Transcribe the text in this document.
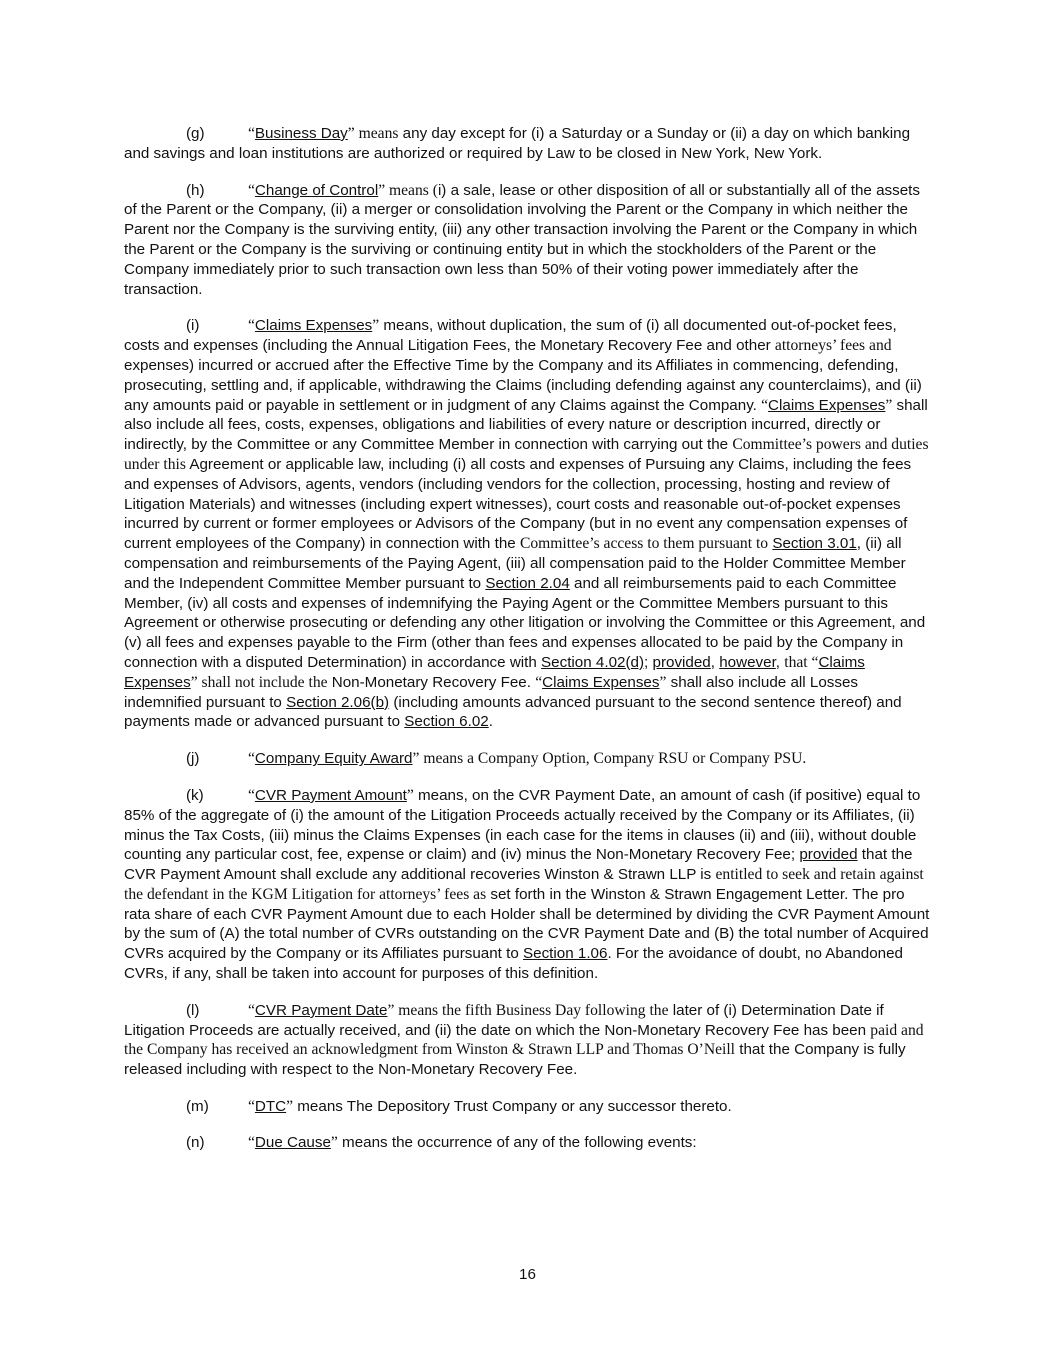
(g)	“Business Day” means any day except for (i) a Saturday or a Sunday or (ii) a day on which banking and savings and loan institutions are authorized or required by Law to be closed in New York, New York.

(h)	“Change of Control” means (i) a sale, lease or other disposition of all or substantially all of the assets of the Parent or the Company, (ii) a merger or consolidation involving the Parent or the Company in which neither the Parent nor the Company is the surviving entity, (iii) any other transaction involving the Parent or the Company in which the Parent or the Company is the surviving or continuing entity but in which the stockholders of the Parent or the Company immediately prior to such transaction own less than 50% of their voting power immediately after the transaction.

(i)	“Claims Expenses” means, without duplication, the sum of (i) all documented out-of-pocket fees, costs and expenses (including the Annual Litigation Fees, the Monetary Recovery Fee and other attorneys’ fees and expenses) incurred or accrued after the Effective Time by the Company and its Affiliates in commencing, defending, prosecuting, settling and, if applicable, withdrawing the Claims (including defending against any counterclaims), and (ii) any amounts paid or payable in settlement or in judgment of any Claims against the Company. “Claims Expenses” shall also include all fees, costs, expenses, obligations and liabilities of every nature or description incurred, directly or indirectly, by the Committee or any Committee Member in connection with carrying out the Committee’s powers and duties under this Agreement or applicable law, including (i) all costs and expenses of Pursuing any Claims, including the fees and expenses of Advisors, agents, vendors (including vendors for the collection, processing, hosting and review of Litigation Materials) and witnesses (including expert witnesses), court costs and reasonable out-of-pocket expenses incurred by current or former employees or Advisors of the Company (but in no event any compensation expenses of current employees of the Company) in connection with the Committee’s access to them pursuant to Section 3.01, (ii) all compensation and reimbursements of the Paying Agent, (iii) all compensation paid to the Holder Committee Member and the Independent Committee Member pursuant to Section 2.04 and all reimbursements paid to each Committee Member, (iv) all costs and expenses of indemnifying the Paying Agent or the Committee Members pursuant to this Agreement or otherwise prosecuting or defending any other litigation or involving the Committee or this Agreement, and (v) all fees and expenses payable to the Firm (other than fees and expenses allocated to be paid by the Company in connection with a disputed Determination) in accordance with Section 4.02(d); provided, however, that “Claims Expenses” shall not include the Non-Monetary Recovery Fee. “Claims Expenses” shall also include all Losses indemnified pursuant to Section 2.06(b) (including amounts advanced pursuant to the second sentence thereof) and payments made or advanced pursuant to Section 6.02.

(j)	“Company Equity Award” means a Company Option, Company RSU or Company PSU.

(k)	“CVR Payment Amount” means, on the CVR Payment Date, an amount of cash (if positive) equal to 85% of the aggregate of (i) the amount of the Litigation Proceeds actually received by the Company or its Affiliates, (ii) minus the Tax Costs, (iii) minus the Claims Expenses (in each case for the items in clauses (ii) and (iii), without double counting any particular cost, fee, expense or claim) and (iv) minus the Non-Monetary Recovery Fee; provided that the CVR Payment Amount shall exclude any additional recoveries Winston & Strawn LLP is entitled to seek and retain against the defendant in the KGM Litigation for attorneys’ fees as set forth in the Winston & Strawn Engagement Letter. The pro rata share of each CVR Payment Amount due to each Holder shall be determined by dividing the CVR Payment Amount by the sum of (A) the total number of CVRs outstanding on the CVR Payment Date and (B) the total number of Acquired CVRs acquired by the Company or its Affiliates pursuant to Section 1.06. For the avoidance of doubt, no Abandoned CVRs, if any, shall be taken into account for purposes of this definition.

(l)	“CVR Payment Date” means the fifth Business Day following the later of (i) Determination Date if Litigation Proceeds are actually received, and (ii) the date on which the Non-Monetary Recovery Fee has been paid and the Company has received an acknowledgment from Winston & Strawn LLP and Thomas O’Neill that the Company is fully released including with respect to the Non-Monetary Recovery Fee.

(m)	“DTC” means The Depository Trust Company or any successor thereto.

(n)	“Due Cause” means the occurrence of any of the following events:

16
